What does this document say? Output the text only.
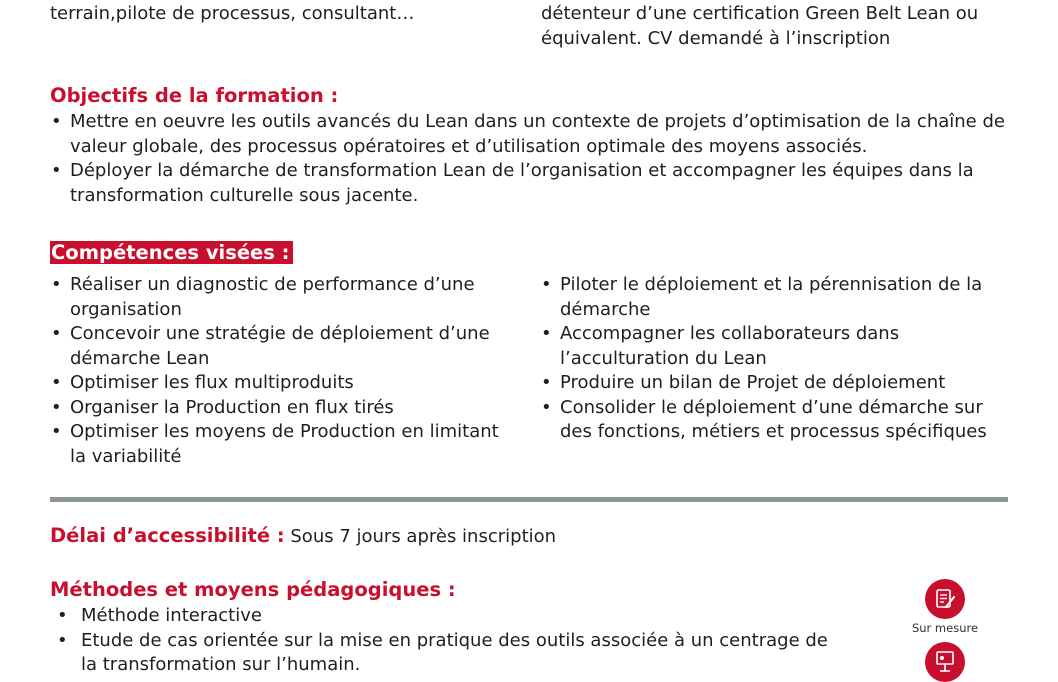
terrain,pilote de processus, consultant…	détenteur d’une certification Green Belt Lean ou
équivalent. CV demandé à l’inscription
Objectifs de la formation :
• Mettre en oeuvre les outils avancés du Lean dans un contexte de projets d’optimisation de la chaîne de valeur globale, des processus opératoires et d’utilisation optimale des moyens associés.
• Déployer la démarche de transformation Lean de l’organisation et accompagner les équipes dans la transformation culturelle sous jacente.
Compétences visées :
• Réaliser un diagnostic de performance d’une organisation
• Concevoir une stratégie de déploiement d’une démarche Lean
• Optimiser les flux multiproduits
• Organiser la Production en flux tirés
• Optimiser les moyens de Production en limitant la variabilité
• Piloter le déploiement et la pérennisation de la démarche
• Accompagner les collaborateurs dans l’acculturation du Lean
• Produire un bilan de Projet de déploiement
• Consolider le déploiement d’une démarche sur des fonctions, métiers et processus spécifiques
Délai d’accessibilité : Sous 7 jours après inscription
Méthodes et moyens pédagogiques :
• Méthode interactive
• Etude de cas orientée sur la mise en pratique des outils associée à un centrage de la transformation sur l’humain.
Sur mesure
